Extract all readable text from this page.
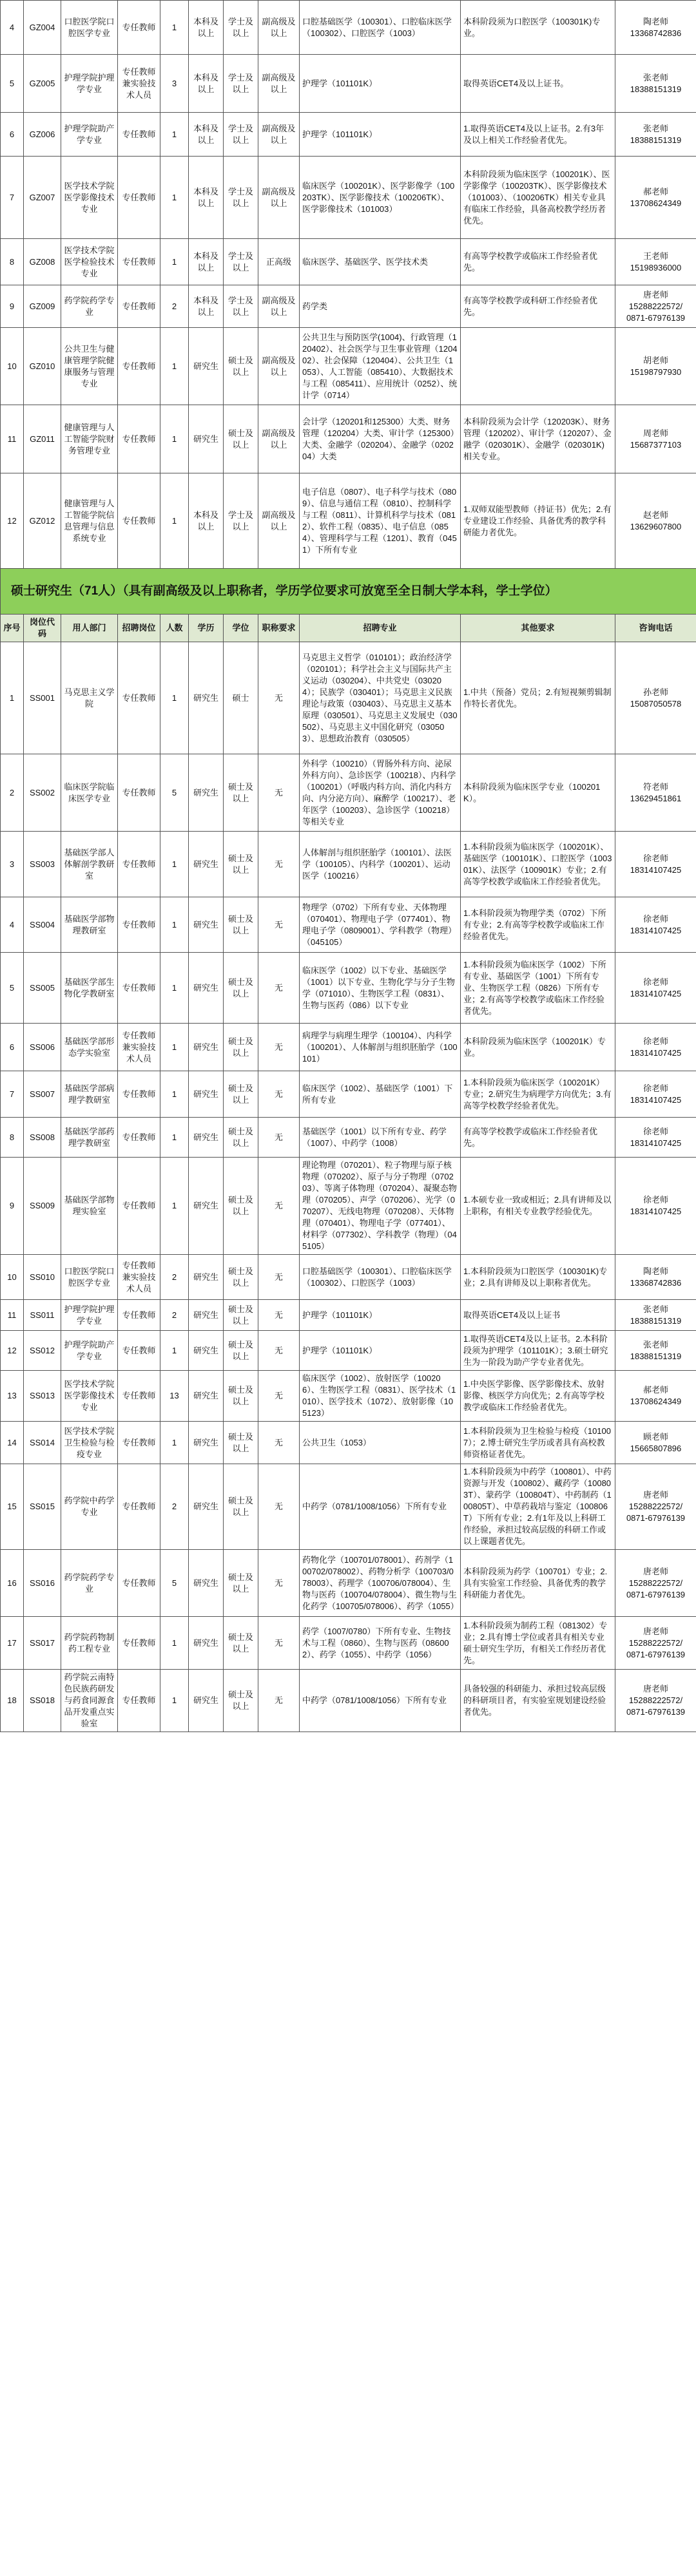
4	GZ004	口腔医学院口腔医学专业	专任教师	1	本科及以上	学士及以上	副高级及以上	口腔基础医学（100301）、口腔临床医学（100302）、口腔医学（1003）	本科阶段须为口腔医学（100301K)专业。	陶老师
13368742836
5	GZ005	护理学院护理学专业	专任教师兼实验技术人员	3	本科及以上	学士及以上	副高级及以上	护理学（101101K）	取得英语CET4及以上证书。	张老师
18388151319
6	GZ006	护理学院助产学专业	专任教师	1	本科及以上	学士及以上	副高级及以上	护理学（101101K）	1.取得英语CET4及以上证书。2.有3年及以上相关工作经验者优先。	张老师
18388151319
7	GZ007	医学技术学院医学影像技术专业	专任教师	1	本科及以上	学士及以上	副高级及以上	临床医学（100201K）、医学影像学（100203TK）、医学影像技术（100206TK）、医学影像技术（101003）	本科阶段须为临床医学（100201K）、医学影像学（100203TK）、医学影像技术（101003）、（100206TK）相关专业具有临床工作经验，具备高校教学经历者优先。	郝老师
13708624349
8	GZ008	医学技术学院医学检验技术专业	专任教师	1	本科及以上	学士及以上	正高级	临床医学、基础医学、医学技术类	有高等学校教学或临床工作经验者优先。	王老师
15198936000
9	GZ009	药学院药学专业	专任教师	2	本科及以上	学士及以上	副高级及以上	药学类	有高等学校教学或科研工作经验者优先。	唐老师
15288222572/
0871-67976139
10	GZ010	公共卫生与健康管理学院健康服务与管理专业	专任教师	1	研究生	硕士及以上	副高级及以上	公共卫生与预防医学(1004)、行政管理（120402）、社会医学与卫生事业管理（120402）、社会保障（120404）、公共卫生（1053）、人工智能（085410）、大数据技术与工程（085411）、应用统计（0252）、统计学（0714）		胡老师
15198797930
11	GZ011	健康管理与人工智能学院财务管理专业	专任教师	1	研究生	硕士及以上	副高级及以上	会计学（120201和125300）大类、财务管理（120204）大类、审计学（125300）大类、金融学（020204）、金融学（020204）大类	本科阶段须为会计学（120203K）、财务管理（120202）、审计学（120207）、金融学（020301K）、金融学（020301K)相关专业。	周老师
15687377103
12	GZ012	健康管理与人工智能学院信息管理与信息系统专业	专任教师	1	本科及以上	学士及以上	副高级及以上	电子信息（0807）、电子科学与技术（0809）、信息与通信工程（0810）、控制科学与工程（0811）、计算机科学与技术（0812）、软件工程（0835）、电子信息（0854）、管理科学与工程（1201）、教育（0451）下所有专业	1.双师双能型教师（持证书）优先；2.有专业建设工作经验、具备优秀的教学科研能力者优先。	赵老师
13629607800
硕士研究生（71人）（具有副高级及以上职称者，学历学位要求可放宽至全日制大学本科，学士学位）										
序号	岗位代码	用人部门	招聘岗位	人数	学历	学位	职称要求	招聘专业	其他要求	咨询电话
1	SS001	马克思主义学院	专任教师	1	研究生	硕士	无	马克思主义哲学（010101）；政治经济学（020101）；科学社会主义与国际共产主义运动（030204）、中共党史（030204）；民族学（030401）；马克思主义民族理论与政策（030403）、马克思主义基本原理（030501）、马克思主义发展史（030502）、马克思主义中国化研究（030503）、思想政治教育（030505）	1.中共（预备）党员；2.有短视频剪辑制作特长者优先。	孙老师
15087050578
2	SS002	临床医学院临床医学专业	专任教师	5	研究生	硕士及以上	无	外科学（100210）（胃肠外科方向、泌尿外科方向）、急诊医学（100218）、内科学（100201）（呼吸内科方向、消化内科方向、内分泌方向）、麻醉学（100217）、老年医学（100203）、急诊医学（100218）等相关专业	本科阶段须为临床医学专业（100201K）。	符老师
13629451861
3	SS003	基础医学部人体解剖学教研室	专任教师	1	研究生	硕士及以上	无	人体解剖与组织胚胎学（100101）、法医学（100105）、内科学（100201）、运动医学（100216）	1.本科阶段须为临床医学（100201K）、基础医学（100101K）、口腔医学（100301K）、法医学（100901K）专业；2.有高等学校教学或临床工作经验者优先。	徐老师
18314107425
4	SS004	基础医学部物理教研室	专任教师	1	研究生	硕士及以上	无	物理学（0702）下所有专业、天体物理（070401）、物理电子学（077401）、物理电子学（0809001）、学科教学（物理）（045105）	1.本科阶段须为物理学类（0702）下所有专业；2.有高等学校教学或临床工作经验者优先。	徐老师
18314107425
5	SS005	基础医学部生物化学教研室	专任教师	1	研究生	硕士及以上	无	临床医学（1002）以下专业、基础医学（1001）以下专业、生物化学与分子生物学（071010）、生物医学工程（0831）、生物与医药（086）以下专业	1.本科阶段须为临床医学（1002）下所有专业、基础医学（1001）下所有专业、生物医学工程（0826）下所有专业；2.有高等学校教学或临床工作经验者优先。	徐老师
18314107425
6	SS006	基础医学部形态学实验室	专任教师兼实验技术人员	1	研究生	硕士及以上	无	病理学与病理生理学（100104）、内科学（100201）、人体解剖与组织胚胎学（100101）	本科阶段须为临床医学（100201K）专业。	徐老师
18314107425
7	SS007	基础医学部病理学教研室	专任教师	1	研究生	硕士及以上	无	临床医学（1002）、基础医学（1001）下所有专业	1.本科阶段须为临床医学（100201K）专业；2.研究生为病理学方向优先；3.有高等学校教学经验者优先。	徐老师
18314107425
8	SS008	基础医学部药理学教研室	专任教师	1	研究生	硕士及以上	无	基础医学（1001）以下所有专业、药学（1007）、中药学（1008）	有高等学校教学或临床工作经验者优先。	徐老师
18314107425
9	SS009	基础医学部物理实验室	专任教师	1	研究生	硕士及以上	无	理论物理（070201）、粒子物理与原子核物理（070202）、原子与分子物理（070203）、等离子体物理（070204）、凝聚态物理（070205）、声学（070206）、光学（070207）、无线电物理（070208）、天体物理（070401）、物理电子学（077401）、材料学（077302）、学科教学（物理）（045105）	1.本硕专业一致或相近；2.具有讲师及以上职称，有相关专业教学经验优先。	徐老师
18314107425
10	SS010	口腔医学院口腔医学专业	专任教师兼实验技术人员	2	研究生	硕士及以上	无	口腔基础医学（100301）、口腔临床医学（100302）、口腔医学（1003）	1.本科阶段须为口腔医学（100301K)专业；2.具有讲师及以上职称者优先。	陶老师
13368742836
11	SS011	护理学院护理学专业	专任教师	2	研究生	硕士及以上	无	护理学（101101K）	取得英语CET4及以上证书	张老师
18388151319
12	SS012	护理学院助产学专业	专任教师	1	研究生	硕士及以上	无	护理学（101101K）	1.取得英语CET4及以上证书。2.本科阶段须为护理学（101101K）；3.硕士研究生为一阶段为助产学专业者优先。	张老师
18388151319
13	SS013	医学技术学院医学影像技术专业	专任教师	13	研究生	硕士及以上	无	临床医学（1002）、放射医学（100206）、生物医学工程（0831）、医学技术（1010）、医学技术（1072）、放射影像（105123）	1.中央医学影像、医学影像技术、放射影像、核医学方向优先；2.有高等学校教学或临床工作经验者优先。	郝老师
13708624349
14	SS014	医学技术学院卫生检验与检疫专业	专任教师	1	研究生	硕士及以上	无	公共卫生（1053）	1.本科阶段须为卫生检验与检疫（101007）；2.博士研究生学历或者具有高校教师资格证者优先。	顾老师
15665807896
15	SS015	药学院中药学专业	专任教师	2	研究生	硕士及以上	无	中药学（0781/1008/1056）下所有专业	1.本科阶段须为中药学（100801）、中药资源与开发（100802）、藏药学（100803T）、蒙药学（100804T）、中药制药（100805T）、中草药栽培与鉴定（100806T）下所有专业；2.有1年及以上科研工作经验，承担过较高层级的科研工作或以上课题者优先。	唐老师
15288222572/
0871-67976139
16	SS016	药学院药学专业	专任教师	5	研究生	硕士及以上	无	药物化学（100701/078001）、药剂学（100702/078002）、药物分析学（100703/078003）、药理学（100706/078004）、生物与医药（100704/078004）、微生物与生化药学（100705/078006）、药学（1055）	本科阶段须为药学（100701）专业；2.具有实验室工作经验、具备优秀的教学科研能力者优先。	唐老师
15288222572/
0871-67976139
17	SS017	药学院药物制药工程专业	专任教师	1	研究生	硕士及以上	无	药学（1007/0780）下所有专业、生物技术与工程（0860）、生物与医药（086002）、药学（1055）、中药学（1056）	1.本科阶段须为制药工程（081302）专业；2.具有博士学位或者具有相关专业硕士研究生学历，有相关工作经历者优先。	唐老师
15288222572/
0871-67976139
18	SS018	药学院云南特色民族药研发与药食同源食品开发重点实验室	专任教师	1	研究生	硕士及以上	无	中药学（0781/1008/1056）下所有专业	具备较强的科研能力、承担过较高层级的科研项目者，有实验室规划建设经验者优先。	唐老师
15288222572/
0871-67976139
